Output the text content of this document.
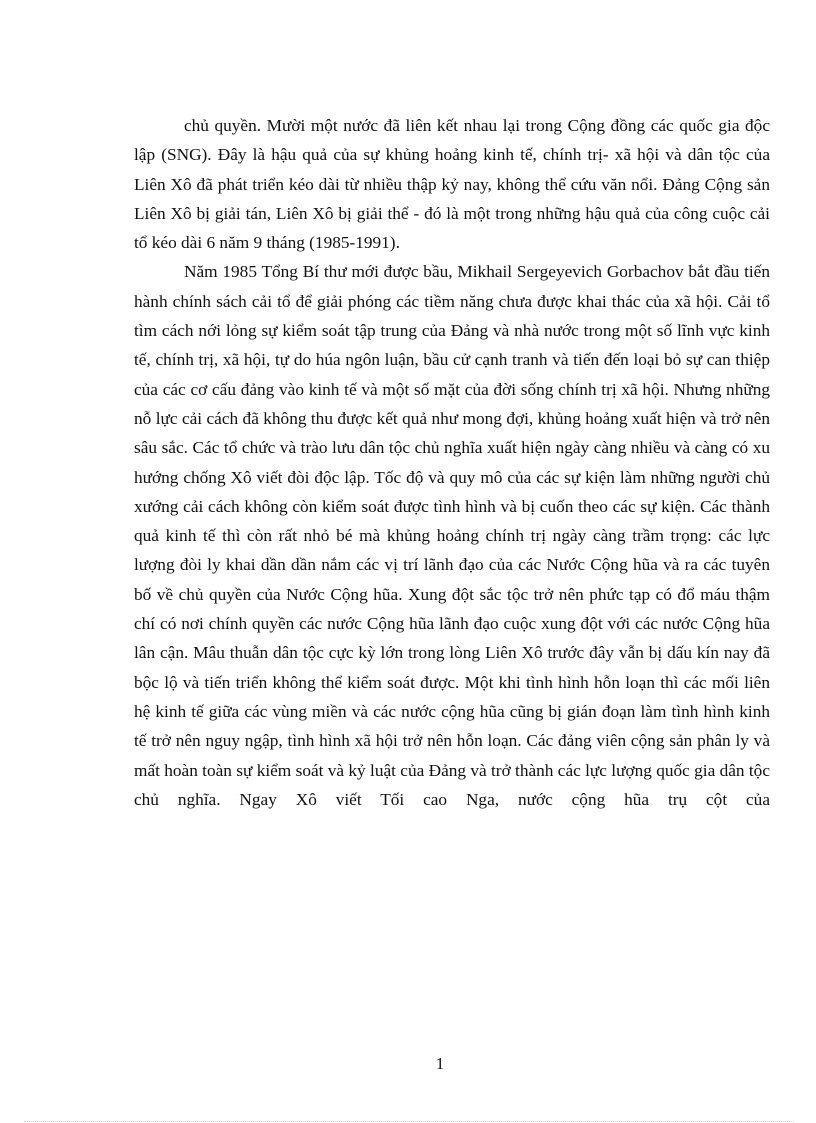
chủ quyền. Mười một nước đã liên kết nhau lại trong Cộng đồng các quốc gia độc lập (SNG). Đây là hậu quả của sự khủng hoảng kinh tế, chính trị- xã hội và dân tộc của Liên Xô đã phát triển kéo dài từ nhiều thập kỷ nay, không thể cứu văn nổi. Đảng Cộng sản Liên Xô bị giải tán, Liên Xô bị giải thể - đó là một trong những hậu quả của công cuộc cải tổ kéo dài 6 năm 9 tháng (1985-1991).

Năm 1985 Tổng Bí thư mới được bầu, Mikhail Sergeyevich Gorbachov bắt đầu tiến hành chính sách cải tổ để giải phóng các tiềm năng chưa được khai thác của xã hội. Cải tổ tìm cách nới lỏng sự kiểm soát tập trung của Đảng và nhà nước trong một số lĩnh vực kinh tế, chính trị, xã hội, tự do húa ngôn luận, bầu cử cạnh tranh và tiến đến loại bỏ sự can thiệp của các cơ cấu đảng vào kinh tế và một số mặt của đời sống chính trị xã hội. Nhưng những nỗ lực cải cách đã không thu được kết quả như mong đợi, khủng hoảng xuất hiện và trở nên sâu sắc. Các tổ chức và trào lưu dân tộc chủ nghĩa xuất hiện ngày càng nhiều và càng có xu hướng chống Xô viết đòi độc lập. Tốc độ và quy mô của các sự kiện làm những người chủ xướng cải cách không còn kiểm soát được tình hình và bị cuốn theo các sự kiện. Các thành quả kinh tế thì còn rất nhỏ bé mà khủng hoảng chính trị ngày càng trầm trọng: các lực lượng đòi ly khai dần dần nắm các vị trí lãnh đạo của các Nước Cộng hũa và ra các tuyên bố về chủ quyền của Nước Cộng hũa. Xung đột sắc tộc trở nên phức tạp có đổ máu thậm chí có nơi chính quyền các nước Cộng hũa lãnh đạo cuộc xung đột với các nước Cộng hũa lân cận. Mâu thuẫn dân tộc cực kỳ lớn trong lòng Liên Xô trước đây vẫn bị dấu kín nay đã bộc lộ và tiến triển không thể kiểm soát được. Một khi tình hình hỗn loạn thì các mối liên hệ kinh tế giữa các vùng miền và các nước cộng hũa cũng bị gián đoạn làm tình hình kinh tế trở nên nguy ngập, tình hình xã hội trở nên hỗn loạn. Các đảng viên cộng sản phân ly và mất hoàn toàn sự kiểm soát và kỷ luật của Đảng và trở thành các lực lượng quốc gia dân tộc chủ nghĩa. Ngay Xô viết Tối cao Nga, nước cộng hũa trụ cột của

1
